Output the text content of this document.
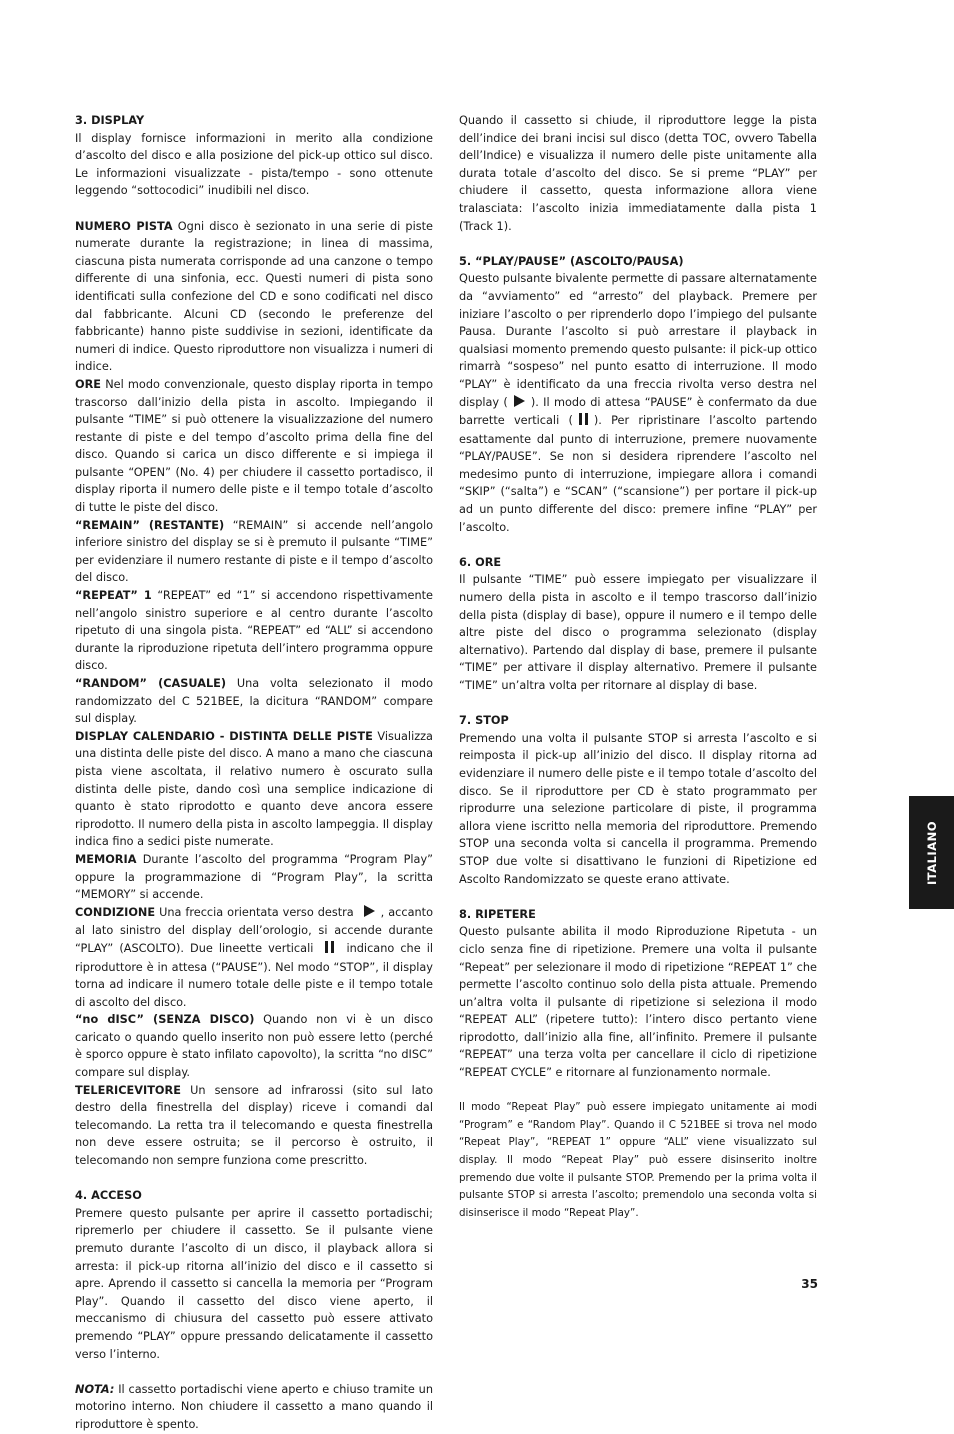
3. DISPLAY

Il display fornisce informazioni in merito alla condizione d’ascolto del disco e alla posizione del pick-up ottico sul disco. Le informazioni visualizzate - pista/tempo - sono ottenute leggendo “sottocodici” inudibili nel disco.

NUMERO PISTA Ogni disco è sezionato in una serie di piste numerate durante la registrazione; in linea di massima, ciascuna pista numerata corrisponde ad una canzone o tempo differente di una sinfonia, ecc. Questi numeri di pista sono identificati sulla confezione del CD e sono codificati nel disco dal fabbricante. Alcuni CD (secondo le preferenze del fabbricante) hanno piste suddivise in sezioni, identificate da numeri di indice. Questo riproduttore non visualizza i numeri di indice.

ORE Nel modo convenzionale, questo display riporta in tempo trascorso dall’inizio della pista in ascolto. Impiegando il pulsante “TIME” si può ottenere la visualizzazione del numero restante di piste e del tempo d’ascolto prima della fine del disco. Quando si carica un disco differente e si impiega il pulsante “OPEN” (No. 4) per chiudere il cassetto portadisco, il display riporta il numero delle piste e il tempo totale d’ascolto di tutte le piste del disco.

“REMAIN” (RESTANTE) “REMAIN” si accende nell’angolo inferiore sinistro del display se si è premuto il pulsante “TIME” per evidenziare il numero restante di piste e il tempo d’ascolto del disco.

“REPEAT” 1 “REPEAT” ed “1” si accendono rispettivamente nell’angolo sinistro superiore e al centro durante l’ascolto ripetuto di una singola pista. “REPEAT” ed “ALL” si accendono durante la riproduzione ripetuta dell’intero programma oppure disco.

“RANDOM” (CASUALE) Una volta selezionato il modo randomizzato del C 521BEE, la dicitura “RANDOM” compare sul display.

DISPLAY CALENDARIO - DISTINTA DELLE PISTE Visualizza una distinta delle piste del disco. A mano a mano che ciascuna pista viene ascoltata, il relativo numero è oscurato sulla distinta delle piste, dando così una semplice indicazione di quanto è stato riprodotto e quanto deve ancora essere riprodotto. Il numero della pista in ascolto lampeggia. Il display indica fino a sedici piste numerate.

MEMORIA Durante l’ascolto del programma “Program Play” oppure la programmazione di “Program Play”, la scritta “MEMORY” si accende.

CONDIZIONE Una freccia orientata verso destra , accanto al lato sinistro del display dell’orologio, si accende durante “PLAY” (ASCOLTO). Due lineette verticali  indicano che il riproduttore è in attesa (“PAUSE”). Nel modo “STOP”, il display torna ad indicare il numero totale delle piste e il tempo totale di ascolto del disco.

“no dISC” (SENZA DISCO) Quando non vi è un disco caricato o quando quello inserito non può essere letto (perché è sporco oppure è stato infilato capovolto), la scritta “no dISC” compare sul display.

TELERICEVITORE Un sensore ad infrarossi (sito sul lato destro della finestrella del display) riceve i comandi dal telecomando. La retta tra il telecomando e questa finestrella non deve essere ostruita; se il percorso è ostruito, il telecomando non sempre funziona come prescritto.

4. ACCESO

Premere questo pulsante per aprire il cassetto portadischi; ripremerlo per chiudere il cassetto. Se il pulsante viene premuto durante l’ascolto di un disco, il playback allora si arresta: il pick-up ritorna all’inizio del disco e il cassetto si apre. Aprendo il cassetto si cancella la memoria per “Program Play”. Quando il cassetto del disco viene aperto, il meccanismo di chiusura del cassetto può essere attivato premendo “PLAY” oppure pressando delicatamente il cassetto verso l’interno.

NOTA: Il cassetto portadischi viene aperto e chiuso tramite un motorino interno. Non chiudere il cassetto a mano quando il riproduttore è spento.

Quando il cassetto si chiude, il riproduttore legge la pista dell’indice dei brani incisi sul disco (detta TOC, ovvero Tabella dell’Indice) e visualizza il numero delle piste unitamente alla durata totale d’ascolto del disco. Se si preme “PLAY” per chiudere il cassetto, questa informazione allora viene tralasciata: l’ascolto inizia immediatamente dalla pista 1 (Track 1).

5. “PLAY/PAUSE” (ASCOLTO/PAUSA)

Questo pulsante bivalente permette di passare alternatamente da “avviamento” ed “arresto” del playback. Premere per iniziare l’ascolto o per riprenderlo dopo l’impiego del pulsante Pausa. Durante l’ascolto si può arrestare il playback in qualsiasi momento premendo questo pulsante: il pick-up ottico rimarrà “sospeso” nel punto esatto di interruzione. Il modo “PLAY” è identificato da una freccia rivolta verso destra nel display ( ). Il modo di attesa “PAUSE” è confermato da due barrette verticali ( ). Per ripristinare l’ascolto partendo esattamente dal punto di interruzione, premere nuovamente “PLAY/PAUSE”. Se non si desidera riprendere l’ascolto nel medesimo punto di interruzione, impiegare allora i comandi “SKIP” (“salta”) e “SCAN” (“scansione”) per portare il pick-up ad un punto differente del disco: premere infine “PLAY” per l’ascolto.

6. ORE

Il pulsante “TIME” può essere impiegato per visualizzare il numero della pista in ascolto e il tempo trascorso dall’inizio della pista (display di base), oppure il numero e il tempo delle altre piste del disco o programma selezionato (display alternativo). Partendo dal display di base, premere il pulsante “TIME” per attivare il display alternativo. Premere il pulsante “TIME” un’altra volta per ritornare al display di base.

7. STOP

Premendo una volta il pulsante STOP si arresta l’ascolto e si reimposta il pick-up all’inizio del disco. Il display ritorna ad evidenziare il numero delle piste e il tempo totale d’ascolto del disco. Se il riproduttore per CD è stato programmato per riprodurre una selezione particolare di piste, il programma allora viene iscritto nella memoria del riproduttore. Premendo STOP una seconda volta si cancella il programma. Premendo STOP due volte si disattivano le funzioni di Ripetizione ed Ascolto Randomizzato se queste erano attivate.

8. RIPETERE

Questo pulsante abilita il modo Riproduzione Ripetuta - un ciclo senza fine di ripetizione. Premere una volta il pulsante “Repeat” per selezionare il modo di ripetizione “REPEAT 1” che permette l’ascolto continuo solo della pista attuale. Premendo un’altra volta il pulsante di ripetizione si seleziona il modo “REPEAT ALL” (ripetere tutto): l’intero disco pertanto viene riprodotto, dall’inizio alla fine, all’infinito. Premere il pulsante “REPEAT” una terza volta per cancellare il ciclo di ripetizione “REPEAT CYCLE” e ritornare al funzionamento normale.

Il modo “Repeat Play” può essere impiegato unitamente ai modi “Program” e “Random Play”. Quando il C 521BEE si trova nel modo “Repeat Play”, “REPEAT 1” oppure “ALL” viene visualizzato sul display. Il modo “Repeat Play” può essere disinserito inoltre premendo due volte il pulsante STOP. Premendo per la prima volta il pulsante STOP si arresta l’ascolto; premendolo una seconda volta si disinserisce il modo “Repeat Play”.

ITALIANO
35
